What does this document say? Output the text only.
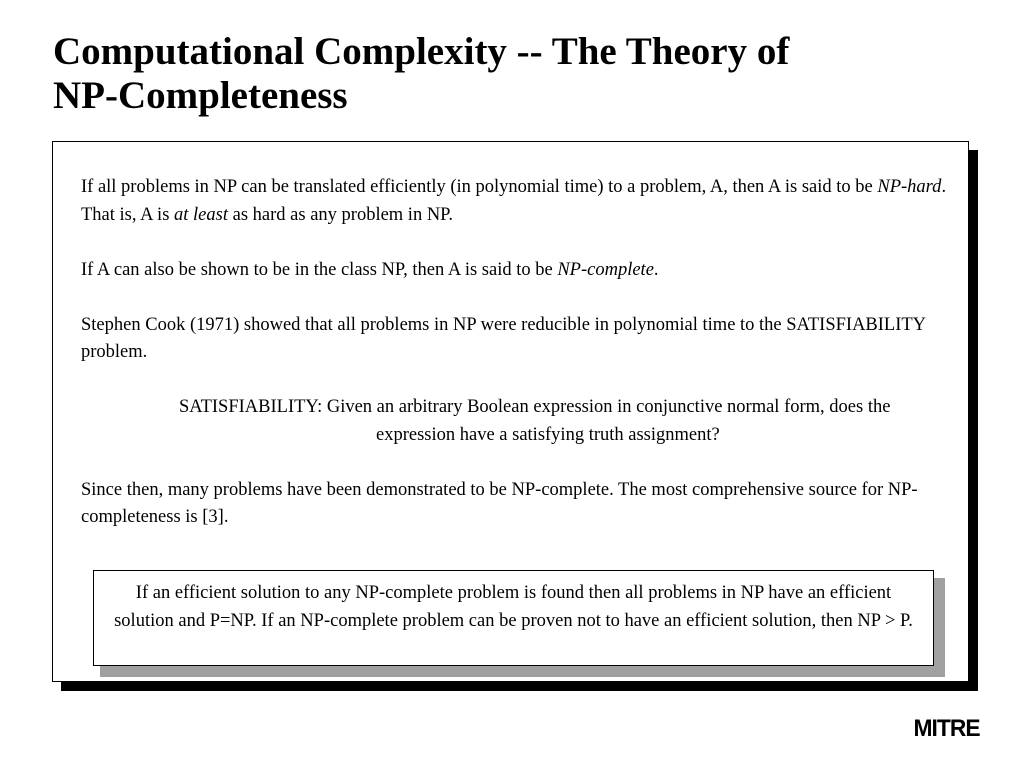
Computational Complexity -- The Theory of
NP-Completeness

If all problems in NP can be translated efficiently (in polynomial time) to a problem, A, then A is said to be NP-hard. That is, A is at least as hard as any problem in NP.

If A can also be shown to be in the class NP, then A is said to be NP-complete.

Stephen Cook (1971) showed that all problems in NP were reducible in polynomial time to the SATISFIABILITY problem.

SATISFIABILITY: Given an arbitrary Boolean expression in conjunctive normal form, does the expression have a satisfying truth assignment?

Since then, many problems have been demonstrated to be NP-complete. The most comprehensive source for NP-completeness is [3].

If an efficient solution to any NP-complete problem is found then all problems in NP have an efficient solution and P=NP. If an NP-complete problem can be proven not to have an efficient solution, then NP > P.
MITRE
